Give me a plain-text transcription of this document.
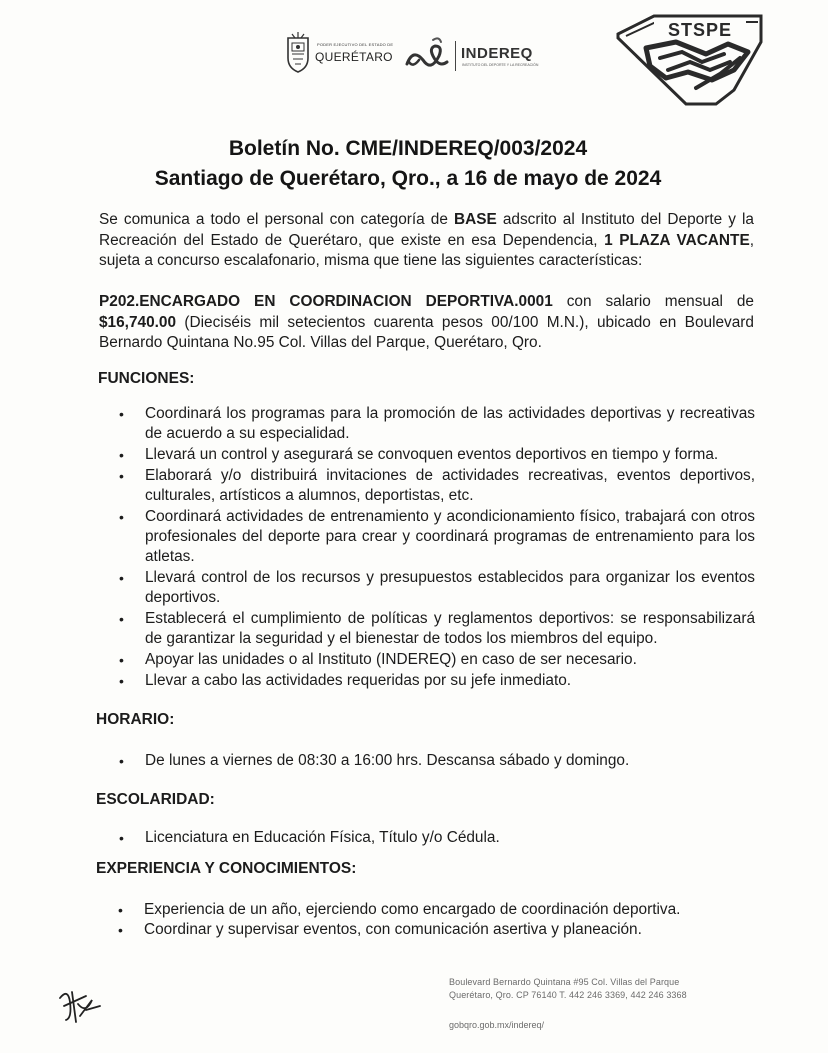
PODER EJECUTIVO DEL ESTADO DE
QUERÉTARO	INDEREQ
INSTITUTO DEL DEPORTE Y LA RECREACIÓN
STSPE
Boletín No. CME/INDEREQ/003/2024
Santiago de Querétaro, Qro., a 16 de mayo de 2024
Se comunica a todo el personal con categoría de BASE adscrito al Instituto del Deporte y la Recreación del Estado de Querétaro, que existe en esa Dependencia, 1 PLAZA VACANTE, sujeta a concurso escalafonario, misma que tiene las siguientes características:
P202.ENCARGADO EN COORDINACION DEPORTIVA.0001 con salario mensual de $16,740.00 (Dieciséis mil setecientos cuarenta pesos 00/100 M.N.), ubicado en Boulevard Bernardo Quintana No.95 Col. Villas del Parque, Querétaro, Qro.
FUNCIONES:
• Coordinará los programas para la promoción de las actividades deportivas y recreativas de acuerdo a su especialidad.
• Llevará un control y asegurará se convoquen eventos deportivos en tiempo y forma.
• Elaborará y/o distribuirá invitaciones de actividades recreativas, eventos deportivos, culturales, artísticos a alumnos, deportistas, etc.
• Coordinará actividades de entrenamiento y acondicionamiento físico, trabajará con otros profesionales del deporte para crear y coordinará programas de entrenamiento para los atletas.
• Llevará control de los recursos y presupuestos establecidos para organizar los eventos deportivos.
• Establecerá el cumplimiento de políticas y reglamentos deportivos: se responsabilizará de garantizar la seguridad y el bienestar de todos los miembros del equipo.
• Apoyar las unidades o al Instituto (INDEREQ) en caso de ser necesario.
• Llevar a cabo las actividades requeridas por su jefe inmediato.
HORARIO:
• De lunes a viernes de 08:30 a 16:00 hrs. Descansa sábado y domingo.
ESCOLARIDAD:
• Licenciatura en Educación Física, Título y/o Cédula.
EXPERIENCIA Y CONOCIMIENTOS:
• Experiencia de un año, ejerciendo como encargado de coordinación deportiva.
• Coordinar y supervisar eventos, con comunicación asertiva y planeación.
Boulevard Bernardo Quintana #95 Col. Villas del Parque
Querétaro, Qro. CP 76140 T. 442 246 3369, 442 246 3368
gobqro.gob.mx/indereq/
